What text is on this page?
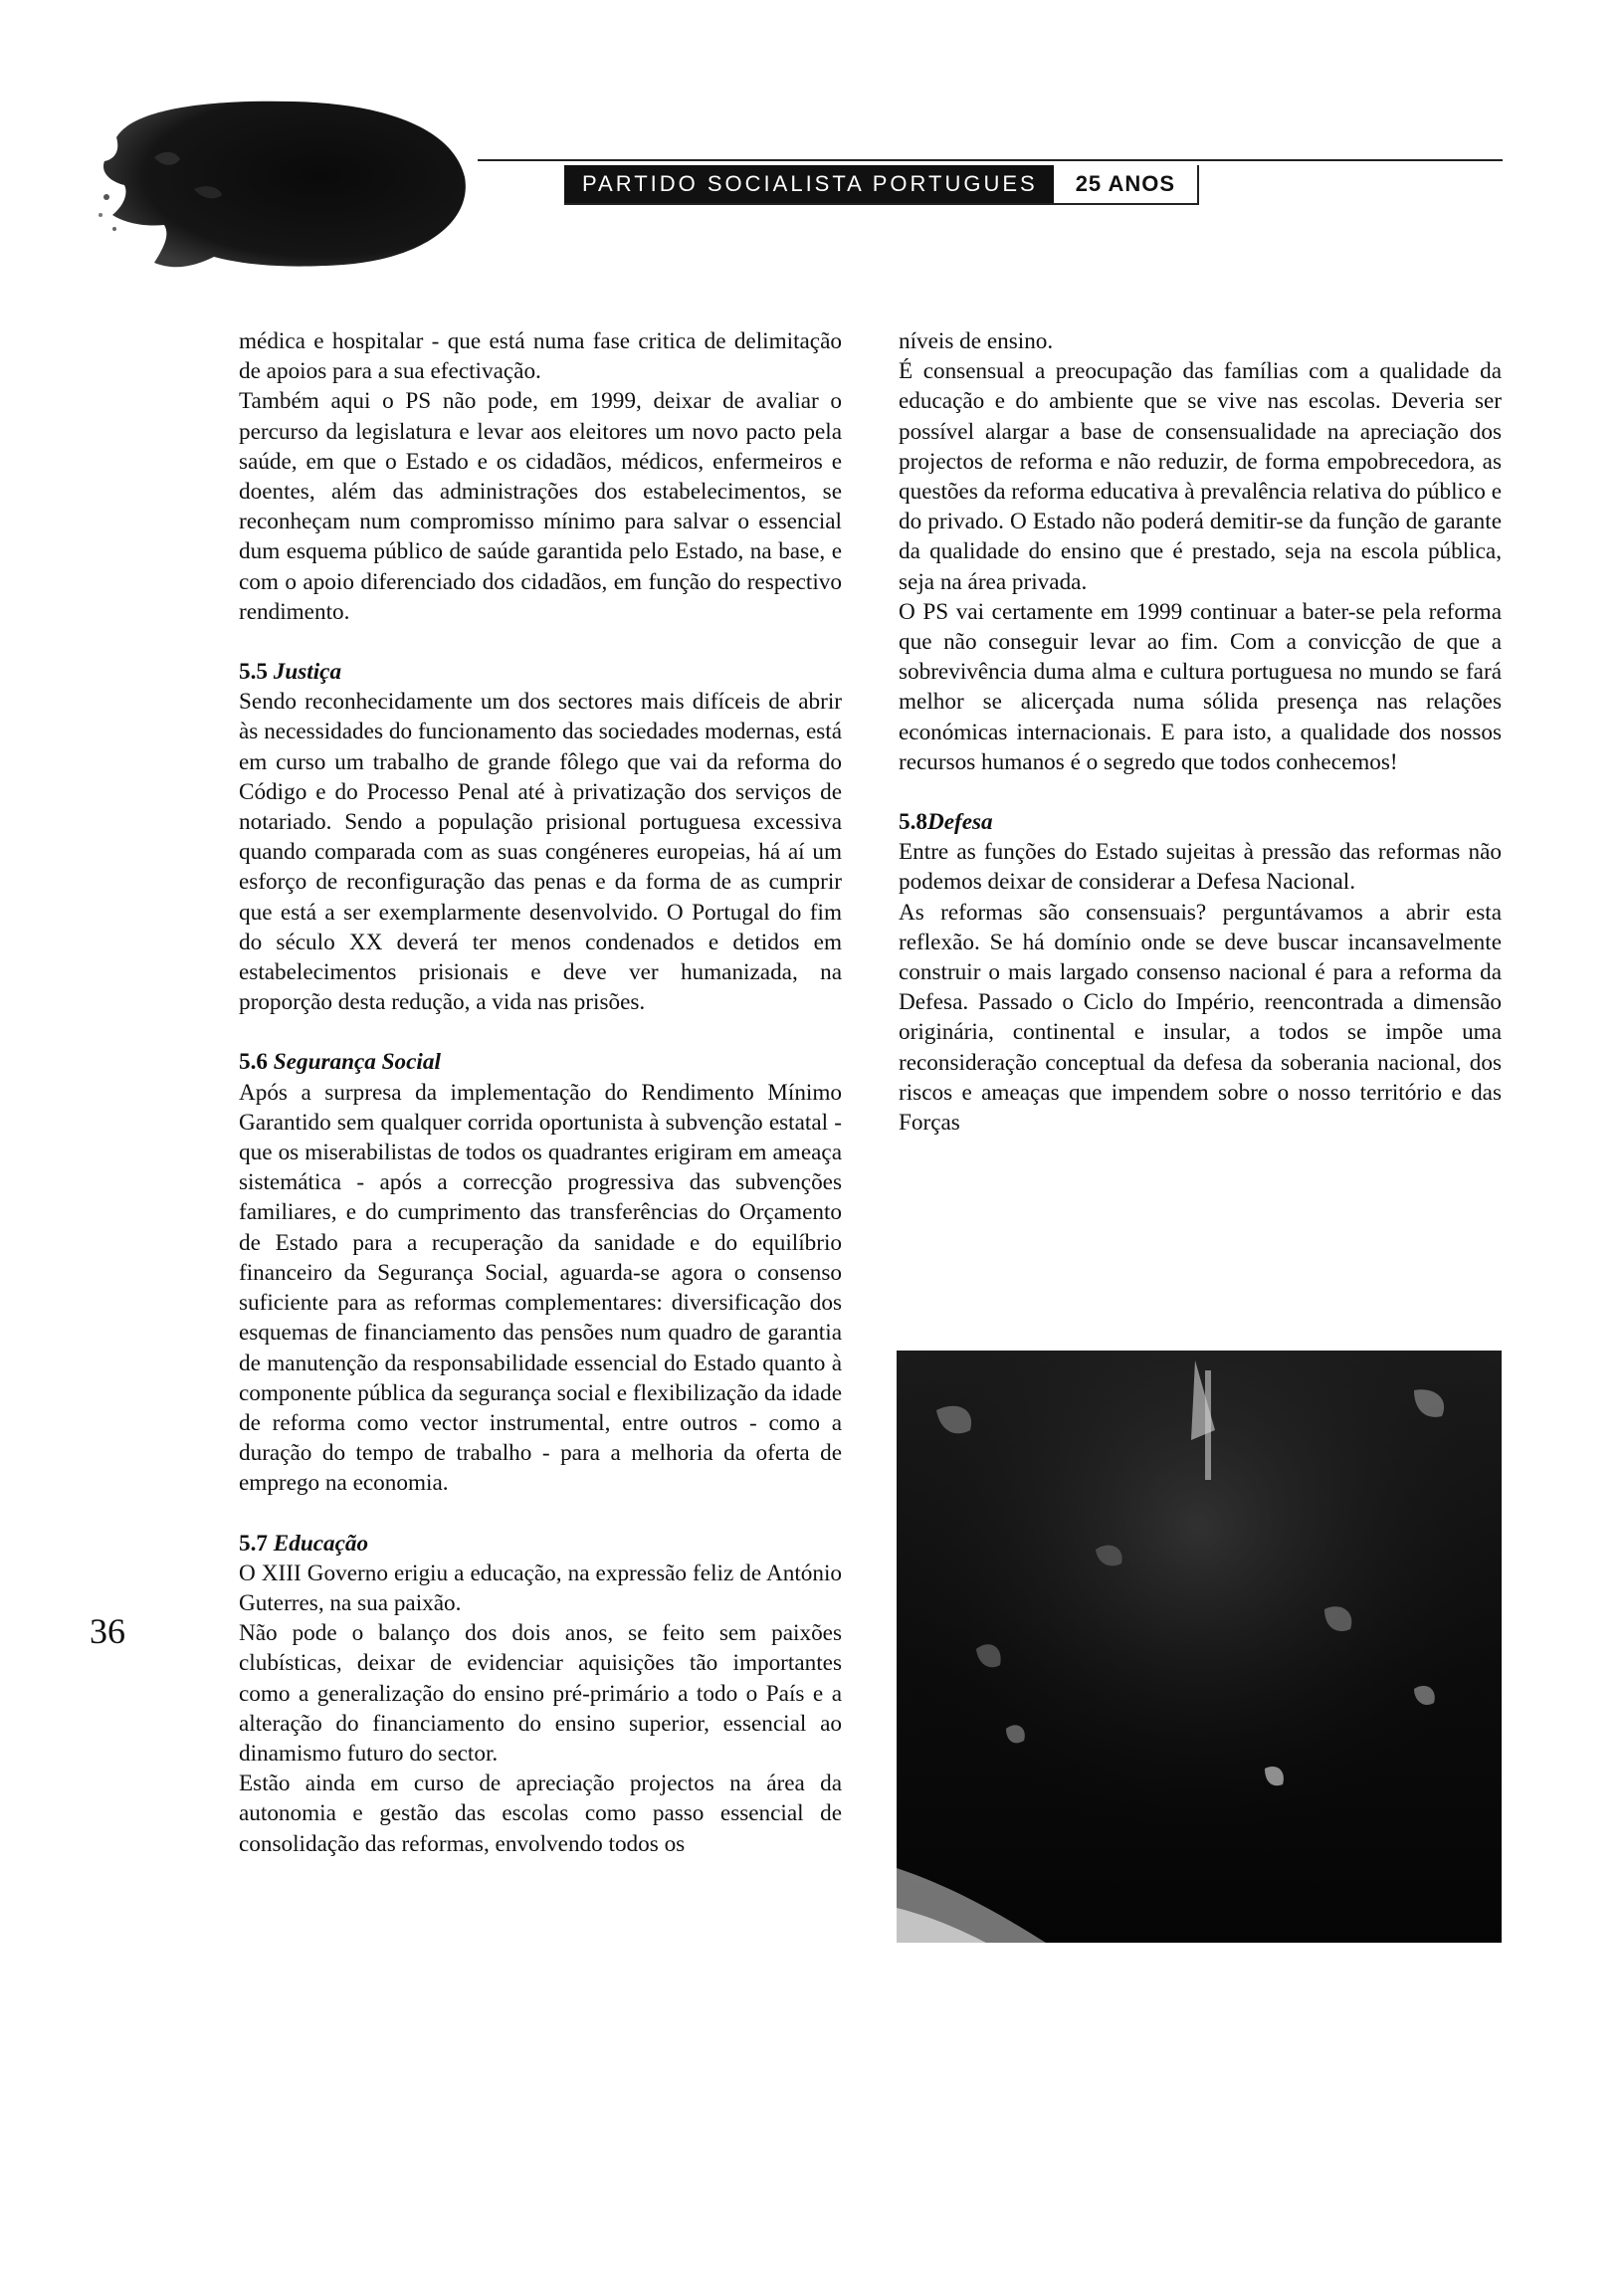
PARTIDO SOCIALISTA PORTUGUES	25 ANOS
36

médica e hospitalar - que está numa fase critica de delimitação de apoios para a sua efectivação.

Também aqui o PS não pode, em 1999, deixar de avaliar o percurso da legislatura e levar aos eleitores um novo pacto pela saúde, em que o Estado e os cidadãos, médicos, enfermeiros e doentes, além das administrações dos estabelecimentos, se reconheçam num compromisso mínimo para salvar o essencial dum esquema público de saúde garantida pelo Estado, na base, e com o apoio diferenciado dos cidadãos, em função do respectivo rendimento.

5.5 Justiça

Sendo reconhecidamente um dos sectores mais difíceis de abrir às necessidades do funcionamento das sociedades modernas, está em curso um trabalho de grande fôlego que vai da reforma do Código e do Processo Penal até à privatização dos serviços de notariado. Sendo a população prisional portuguesa excessiva quando comparada com as suas congéneres europeias, há aí um esforço de reconfiguração das penas e da forma de as cumprir que está a ser exemplarmente desenvolvido. O Portugal do fim do século XX deverá ter menos condenados e detidos em estabelecimentos prisionais e deve ver humanizada, na proporção desta redução, a vida nas prisões.

5.6 Segurança Social

Após a surpresa da implementação do Rendimento Mínimo Garantido sem qualquer corrida oportunista à subvenção estatal - que os miserabilistas de todos os quadrantes erigiram em ameaça sistemática - após a correcção progressiva das subvenções familiares, e do cumprimento das transferências do Orçamento de Estado para a recuperação da sanidade e do equilíbrio financeiro da Segurança Social, aguarda-se agora o consenso suficiente para as reformas complementares: diversificação dos esquemas de financiamento das pensões num quadro de garantia de manutenção da responsabilidade essencial do Estado quanto à componente pública da segurança social e flexibilização da idade de reforma como vector instrumental, entre outros - como a duração do tempo de trabalho - para a melhoria da oferta de emprego na economia.

5.7 Educação

O XIII Governo erigiu a educação, na expressão feliz de António Guterres, na sua paixão.

Não pode o balanço dos dois anos, se feito sem paixões clubísticas, deixar de evidenciar aquisições tão importantes como a generalização do ensino pré-primário a todo o País e a alteração do financiamento do ensino superior, essencial ao dinamismo futuro do sector.

Estão ainda em curso de apreciação projectos na área da autonomia e gestão das escolas como passo essencial de consolidação das reformas, envolvendo todos os

níveis de ensino.

É consensual a preocupação das famílias com a qualidade da educação e do ambiente que se vive nas escolas. Deveria ser possível alargar a base de consensualidade na apreciação dos projectos de reforma e não reduzir, de forma empobrecedora, as questões da reforma educativa à prevalência relativa do público e do privado. O Estado não poderá demitir-se da função de garante da qualidade do ensino que é prestado, seja na escola pública, seja na área privada.

O PS vai certamente em 1999 continuar a bater-se pela reforma que não conseguir levar ao fim. Com a convicção de que a sobrevivência duma alma e cultura portuguesa no mundo se fará melhor se alicerçada numa sólida presença nas relações económicas internacionais. E para isto, a qualidade dos nossos recursos humanos é o segredo que todos conhecemos!

5.8Defesa

Entre as funções do Estado sujeitas à pressão das reformas não podemos deixar de considerar a Defesa Nacional.

As reformas são consensuais? perguntávamos a abrir esta reflexão. Se há domínio onde se deve buscar incansavelmente construir o mais largado consenso nacional é para a reforma da Defesa. Passado o Ciclo do Império, reencontrada a dimensão originária, continental e insular, a todos se impõe uma reconsideração conceptual da defesa da soberania nacional, dos riscos e ameaças que impendem sobre o nosso território e das Forças
